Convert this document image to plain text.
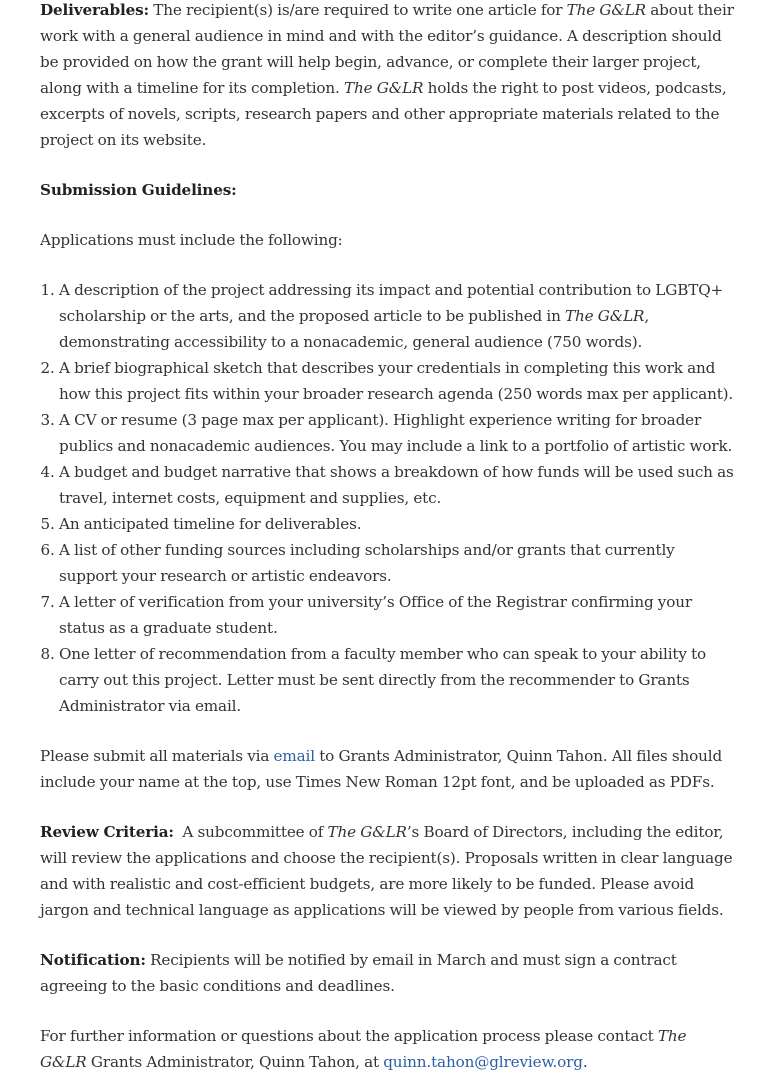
Deliverables: The recipient(s) is/are required to write one article for The G&LR about their work with a general audience in mind and with the editor’s guidance. A description should be provided on how the grant will help begin, advance, or complete their larger project, along with a timeline for its completion. The G&LR holds the right to post videos, podcasts, excerpts of novels, scripts, research papers and other appropriate materials related to the project on its website.

Submission Guidelines:

Applications must include the following:

1. A description of the project addressing its impact and potential contribution to LGBTQ+ scholarship or the arts, and the proposed article to be published in The G&LR, demonstrating accessibility to a nonacademic, general audience (750 words).
2. A brief biographical sketch that describes your credentials in completing this work and how this project fits within your broader research agenda (250 words max per applicant).
3. A CV or resume (3 page max per applicant). Highlight experience writing for broader publics and nonacademic audiences. You may include a link to a portfolio of artistic work.
4. A budget and budget narrative that shows a breakdown of how funds will be used such as travel, internet costs, equipment and supplies, etc.
5. An anticipated timeline for deliverables.
6. A list of other funding sources including scholarships and/or grants that currently support your research or artistic endeavors.
7. A letter of verification from your university’s Office of the Registrar confirming your status as a graduate student.
8. One letter of recommendation from a faculty member who can speak to your ability to carry out this project. Letter must be sent directly from the recommender to Grants Administrator via email.

Please submit all materials via email to Grants Administrator, Quinn Tahon. All files should include your name at the top, use Times New Roman 12pt font, and be uploaded as PDFs.

Review Criteria:  A subcommittee of The G&LR’s Board of Directors, including the editor, will review the applications and choose the recipient(s). Proposals written in clear language and with realistic and cost-efficient budgets, are more likely to be funded. Please avoid jargon and technical language as applications will be viewed by people from various fields.

Notification: Recipients will be notified by email in March and must sign a contract agreeing to the basic conditions and deadlines.

For further information or questions about the application process please contact The G&LR Grants Administrator, Quinn Tahon, at quinn.tahon@glreview.org.
